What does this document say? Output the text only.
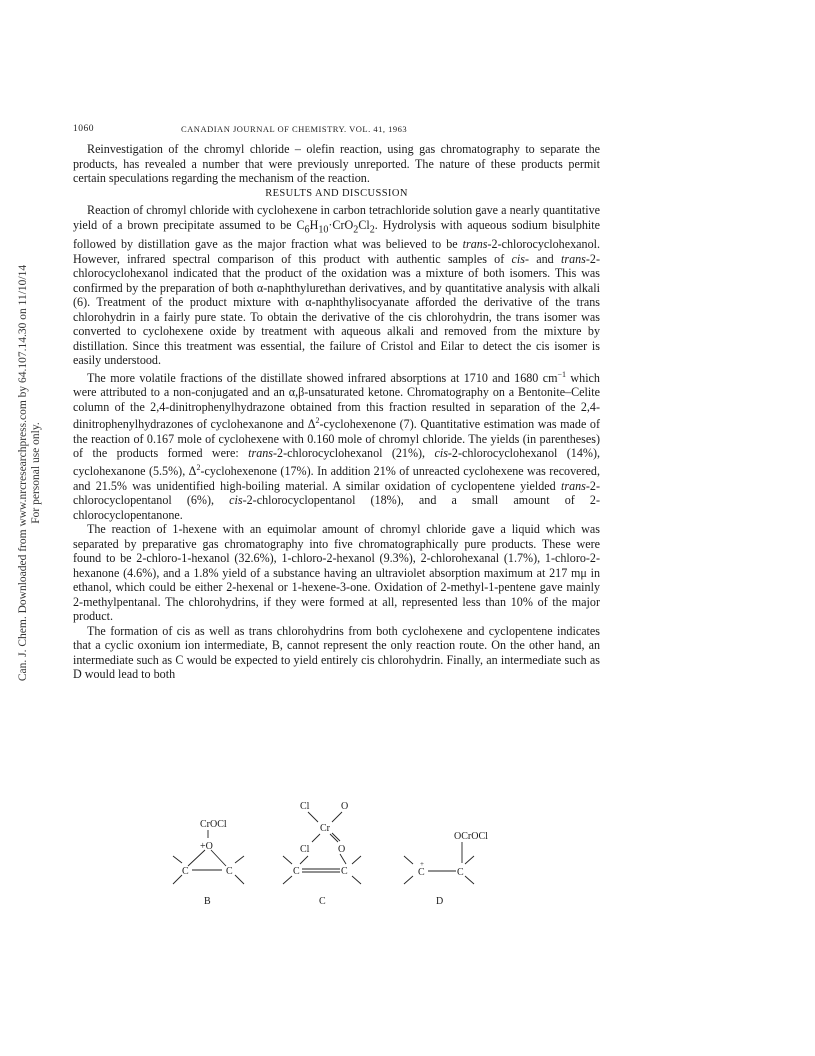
Can. J. Chem. Downloaded from www.nrcresearchpress.com by 64.107.14.30 on 11/10/14 For personal use only.
1060	CANADIAN JOURNAL OF CHEMISTRY. VOL. 41, 1963

Reinvestigation of the chromyl chloride – olefin reaction, using gas chromatography to separate the products, has revealed a number that were previously unreported. The nature of these products permit certain speculations regarding the mechanism of the reaction.

RESULTS AND DISCUSSION

Reaction of chromyl chloride with cyclohexene in carbon tetrachloride solution gave a nearly quantitative yield of a brown precipitate assumed to be $C_6H_{10}\cdot CrO_2Cl_2$. Hydrolysis with aqueous sodium bisulphite followed by distillation gave as the major fraction what was believed to be trans-2-chlorocyclohexanol. However, infrared spectral comparison of this product with authentic samples of cis- and trans-2-chlorocyclohexanol indicated that the product of the oxidation was a mixture of both isomers. This was confirmed by the preparation of both α-naphthylurethan derivatives, and by quantitative analysis with alkali (6). Treatment of the product mixture with α-naphthylisocyanate afforded the derivative of the trans chlorohydrin in a fairly pure state. To obtain the derivative of the cis chlorohydrin, the trans isomer was converted to cyclohexene oxide by treatment with aqueous alkali and removed from the mixture by distillation. Since this treatment was essential, the failure of Cristol and Eilar to detect the cis isomer is easily understood.

The more volatile fractions of the distillate showed infrared absorptions at 1710 and 1680 $cm^{-1}$ which were attributed to a non-conjugated and an α,β-unsaturated ketone. Chromatography on a Bentonite–Celite column of the 2,4-dinitrophenylhydrazone obtained from this fraction resulted in separation of the 2,4-dinitrophenylhydrazones of cyclohexanone and $\Delta^2$-cyclohexenone (7). Quantitative estimation was made of the reaction of 0.167 mole of cyclohexene with 0.160 mole of chromyl chloride. The yields (in parentheses) of the products formed were: trans-2-chlorocyclohexanol (21%), cis-2-chlorocyclohexanol (14%), cyclohexanone (5.5%), $\Delta^2$-cyclohexenone (17%). In addition 21% of unreacted cyclohexene was recovered, and 21.5% was unidentified high-boiling material. A similar oxidation of cyclopentene yielded trans-2-chlorocyclopentanol (6%), cis-2-chlorocyclopentanol (18%), and a small amount of 2-chlorocyclopentanone.

The reaction of 1-hexene with an equimolar amount of chromyl chloride gave a liquid which was separated by preparative gas chromatography into five chromatographically pure products. These were found to be 2-chloro-1-hexanol (32.6%), 1-chloro-2-hexanol (9.3%), 2-chlorohexanal (1.7%), 1-chloro-2-hexanone (4.6%), and a 1.8% yield of a substance having an ultraviolet absorption maximum at 217 mμ in ethanol, which could be either 2-hexenal or 1-hexene-3-one. Oxidation of 2-methyl-1-pentene gave mainly 2-methylpentanal. The chlorohydrins, if they were formed at all, represented less than 10% of the major product.

The formation of cis as well as trans chlorohydrins from both cyclohexene and cyclopentene indicates that a cyclic oxonium ion intermediate, B, cannot represent the only reaction route. On the other hand, an intermediate such as C would be expected to yield entirely cis chlorohydrin. Finally, an intermediate such as D would lead to both

CrOCl
+O
C	C
B
Cl	O
Cr
Cl	O
C	C
C
OCrOCl
+
C	C
D
